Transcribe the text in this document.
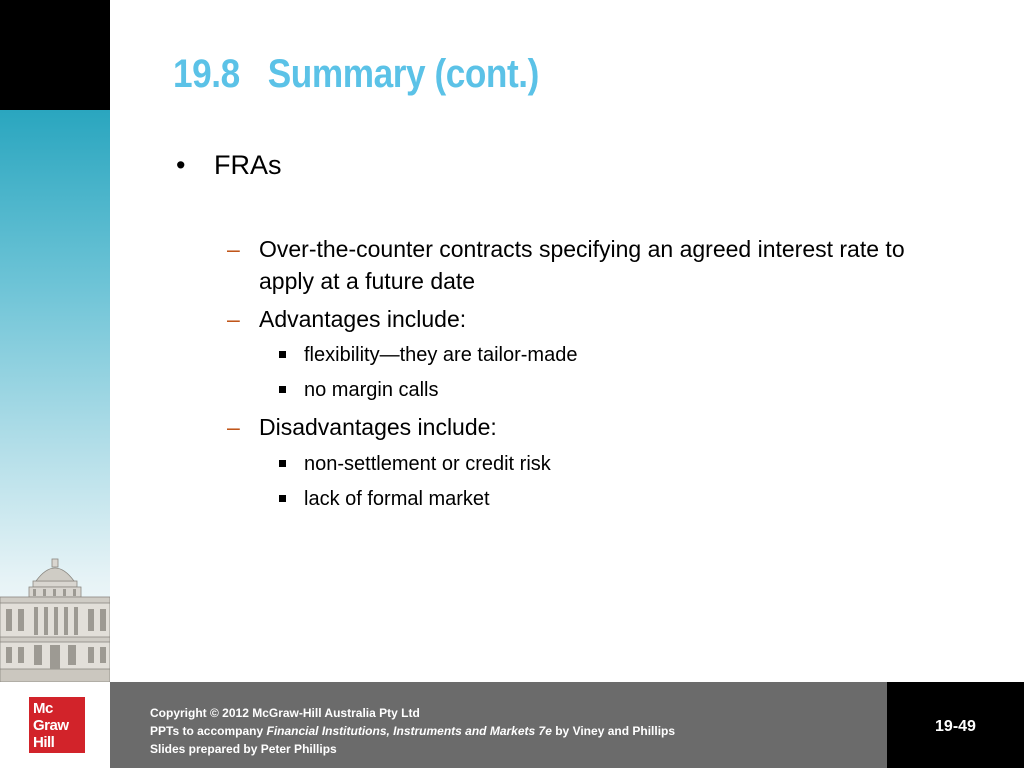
19.8   Summary (cont.)
• FRAs
– Over-the-counter contracts specifying an agreed interest rate to apply at a future date
– Advantages include:
flexibility—they are tailor-made
no margin calls
– Disadvantages include:
non-settlement or credit risk
lack of formal market
Mc
Graw
Hill
Copyright © 2012 McGraw-Hill Australia Pty Ltd
PPTs to accompany Financial Institutions, Instruments and Markets 7e by Viney and Phillips
Slides prepared by Peter Phillips
19-49
